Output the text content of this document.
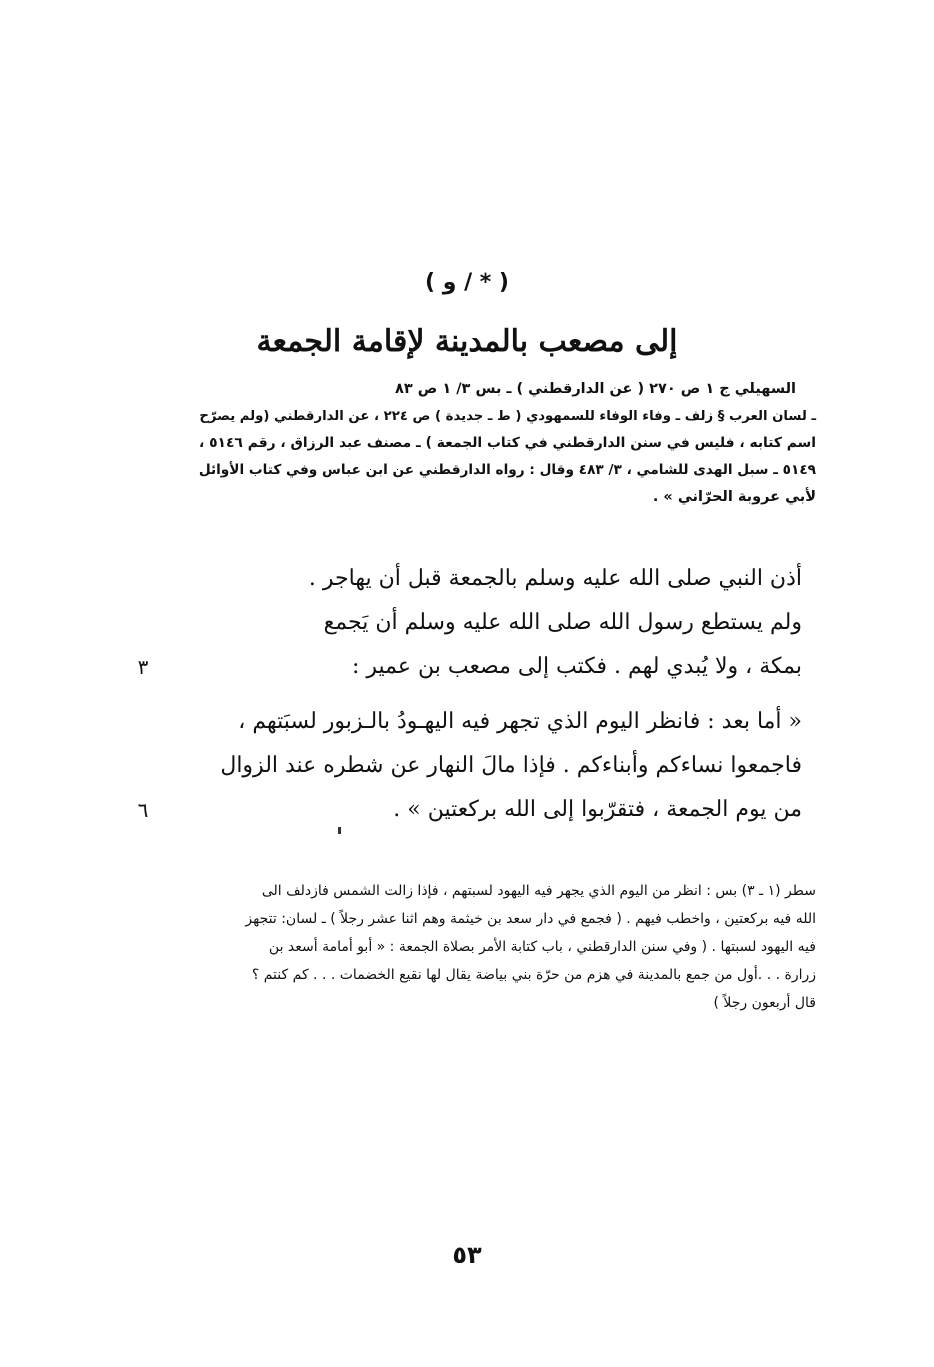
( * / و )
إلى مصعب بالمدينة لإقامة الجمعة
السهيلي ج ١ ص ٢٧٠ ( عن الدارقطني ) ـ بس ٣/ ١ ص ٨٣
ـ لسان العرب § زلف ـ وفاء الوفاء للسمهودي ( ط ـ جديدة ) ص ٢٢٤ ، عن الدارقطني (ولم يصرّح
اسم كتابه ، فليس في سنن الدارقطني في كتاب الجمعة ) ـ مصنف عبد الرزاق ، رقم ٥١٤٦ ،
٥١٤٩ ـ سبل الهدى للشامي ، ٣/ ٤٨٣ وقال : رواه الدارقطني عن ابن عباس وفي كتاب الأوائل
لأبي عروبة الحرّاني » .
أذن النبي صلى الله عليه وسلم بالجمعة قبل أن يهاجر .
ولم يستطع رسول الله صلى الله عليه وسلم أن يَجمع
بمكة ، ولا يُبدي لهم . فكتب إلى مصعب بن عمير :
٣
« أما بعد : فانظر اليوم الذي تجهر فيه اليهـودُ بالـزبور لسبَتهم ،
فاجمعوا نساءكم وأبناءكم . فإذا مالَ النهار عن شطره عند الزوال
من يوم الجمعة ، فتقرّبوا إلى الله بركعتين » .
٦
سطر (١ ـ ٣) بس : انظر من اليوم الذي يجهر فيه اليهود لسبتهم ، فإذا زالت الشمس فازدلف الى
الله فيه بركعتين ، واخطب فيهم . ( فجمع في دار سعد بن خيثمة وهم اثنا عشر رجلاً ) ـ لسان: تتجهز
فيه اليهود لسبتها . ( وفي سنن الدارقطني ، باب كتابة الأمر بصلاة الجمعة : « أبو أمامة أسعد بن
زرارة . . .أول من جمع بالمدينة في هزم من حرّة بني بياضة يقال لها نقيع الخضمات . . . كم كنتم ؟
قال أربعون رجلاً )
٥٣
